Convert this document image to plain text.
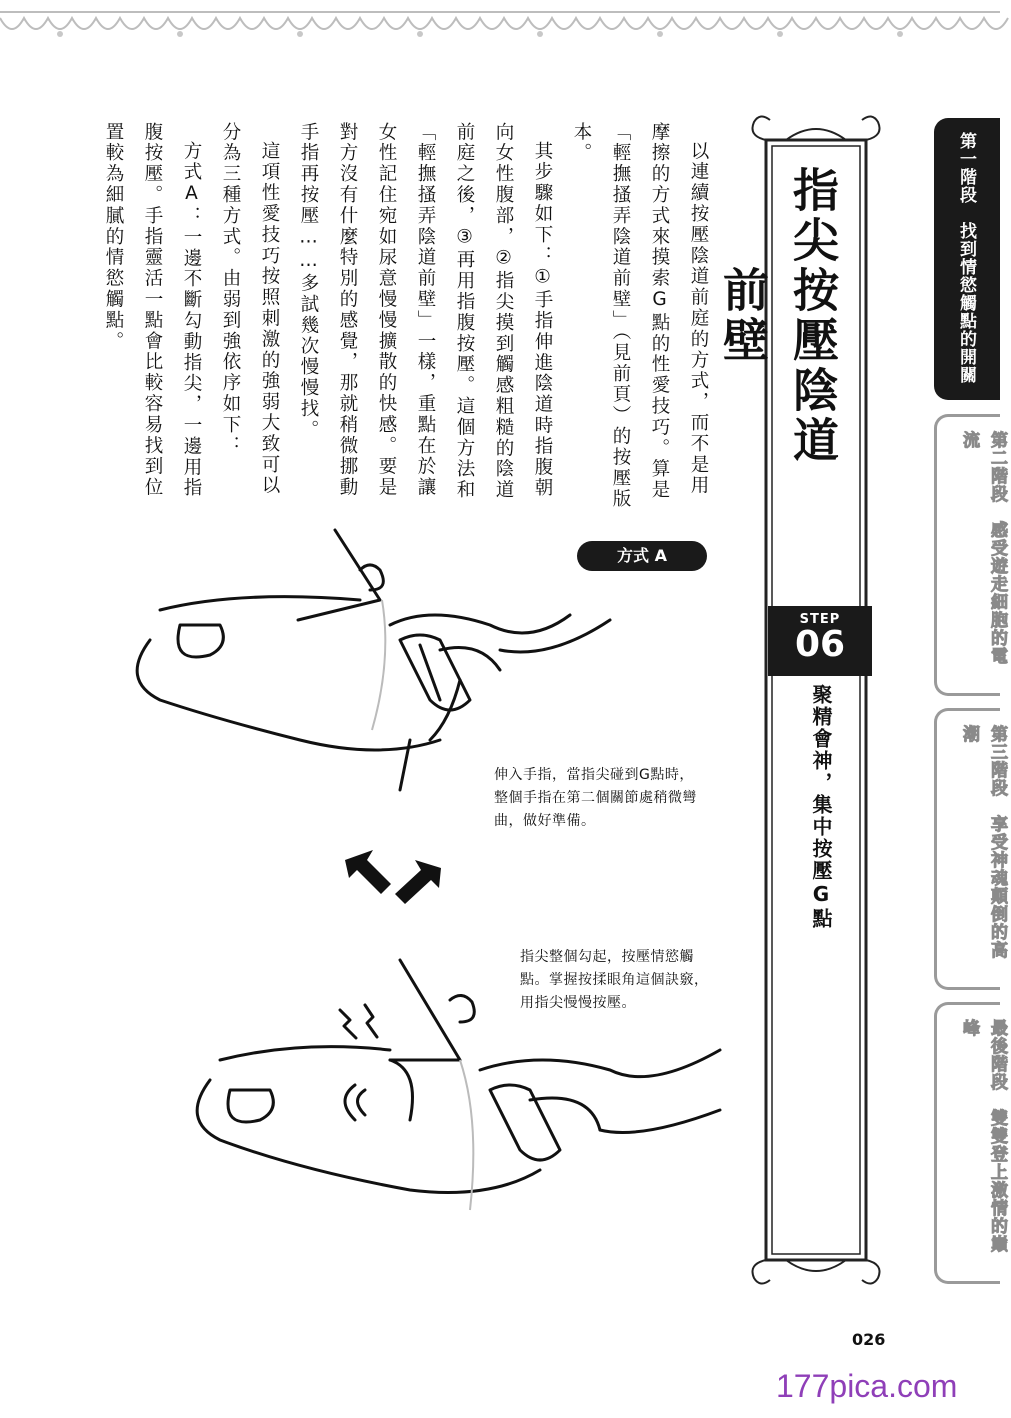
以連續按壓陰道前庭的方式，而不是用摩擦的方式來摸索G點的性愛技巧。算是「輕撫搔弄陰道前壁」（見前頁）的按壓版本。

其步驟如下：①手指伸進陰道時指腹朝向女性腹部，②指尖摸到觸感粗糙的陰道前庭之後，③再用指腹按壓。這個方法和「輕撫搔弄陰道前壁」一樣，重點在於讓女性記住宛如尿意慢慢擴散的快感。要是對方沒有什麼特別的感覺，那就稍微挪動手指再按壓……多試幾次慢慢找。

這項性愛技巧按照刺激的強弱大致可以分為三種方式。由弱到強依序如下：

方式A：一邊不斷勾動指尖，一邊用指腹按壓。手指靈活一點會比較容易找到位置較為細膩的情慾觸點。	指尖按壓陰道前壁
STEP
06
聚精會神，集中按壓G點
第一階段　找到情慾觸點的開關
第二階段　感受遊走細胞的電流
第三階段　享受神魂顛倒的高潮
最後階段　雙雙登上激情的巔峰
方式 A
伸入手指，當指尖碰到G點時，整個手指在第二個關節處稍微彎曲，做好準備。
指尖整個勾起，按壓情慾觸點。掌握按揉眼角這個訣竅，用指尖慢慢按壓。
026
177pica.com
